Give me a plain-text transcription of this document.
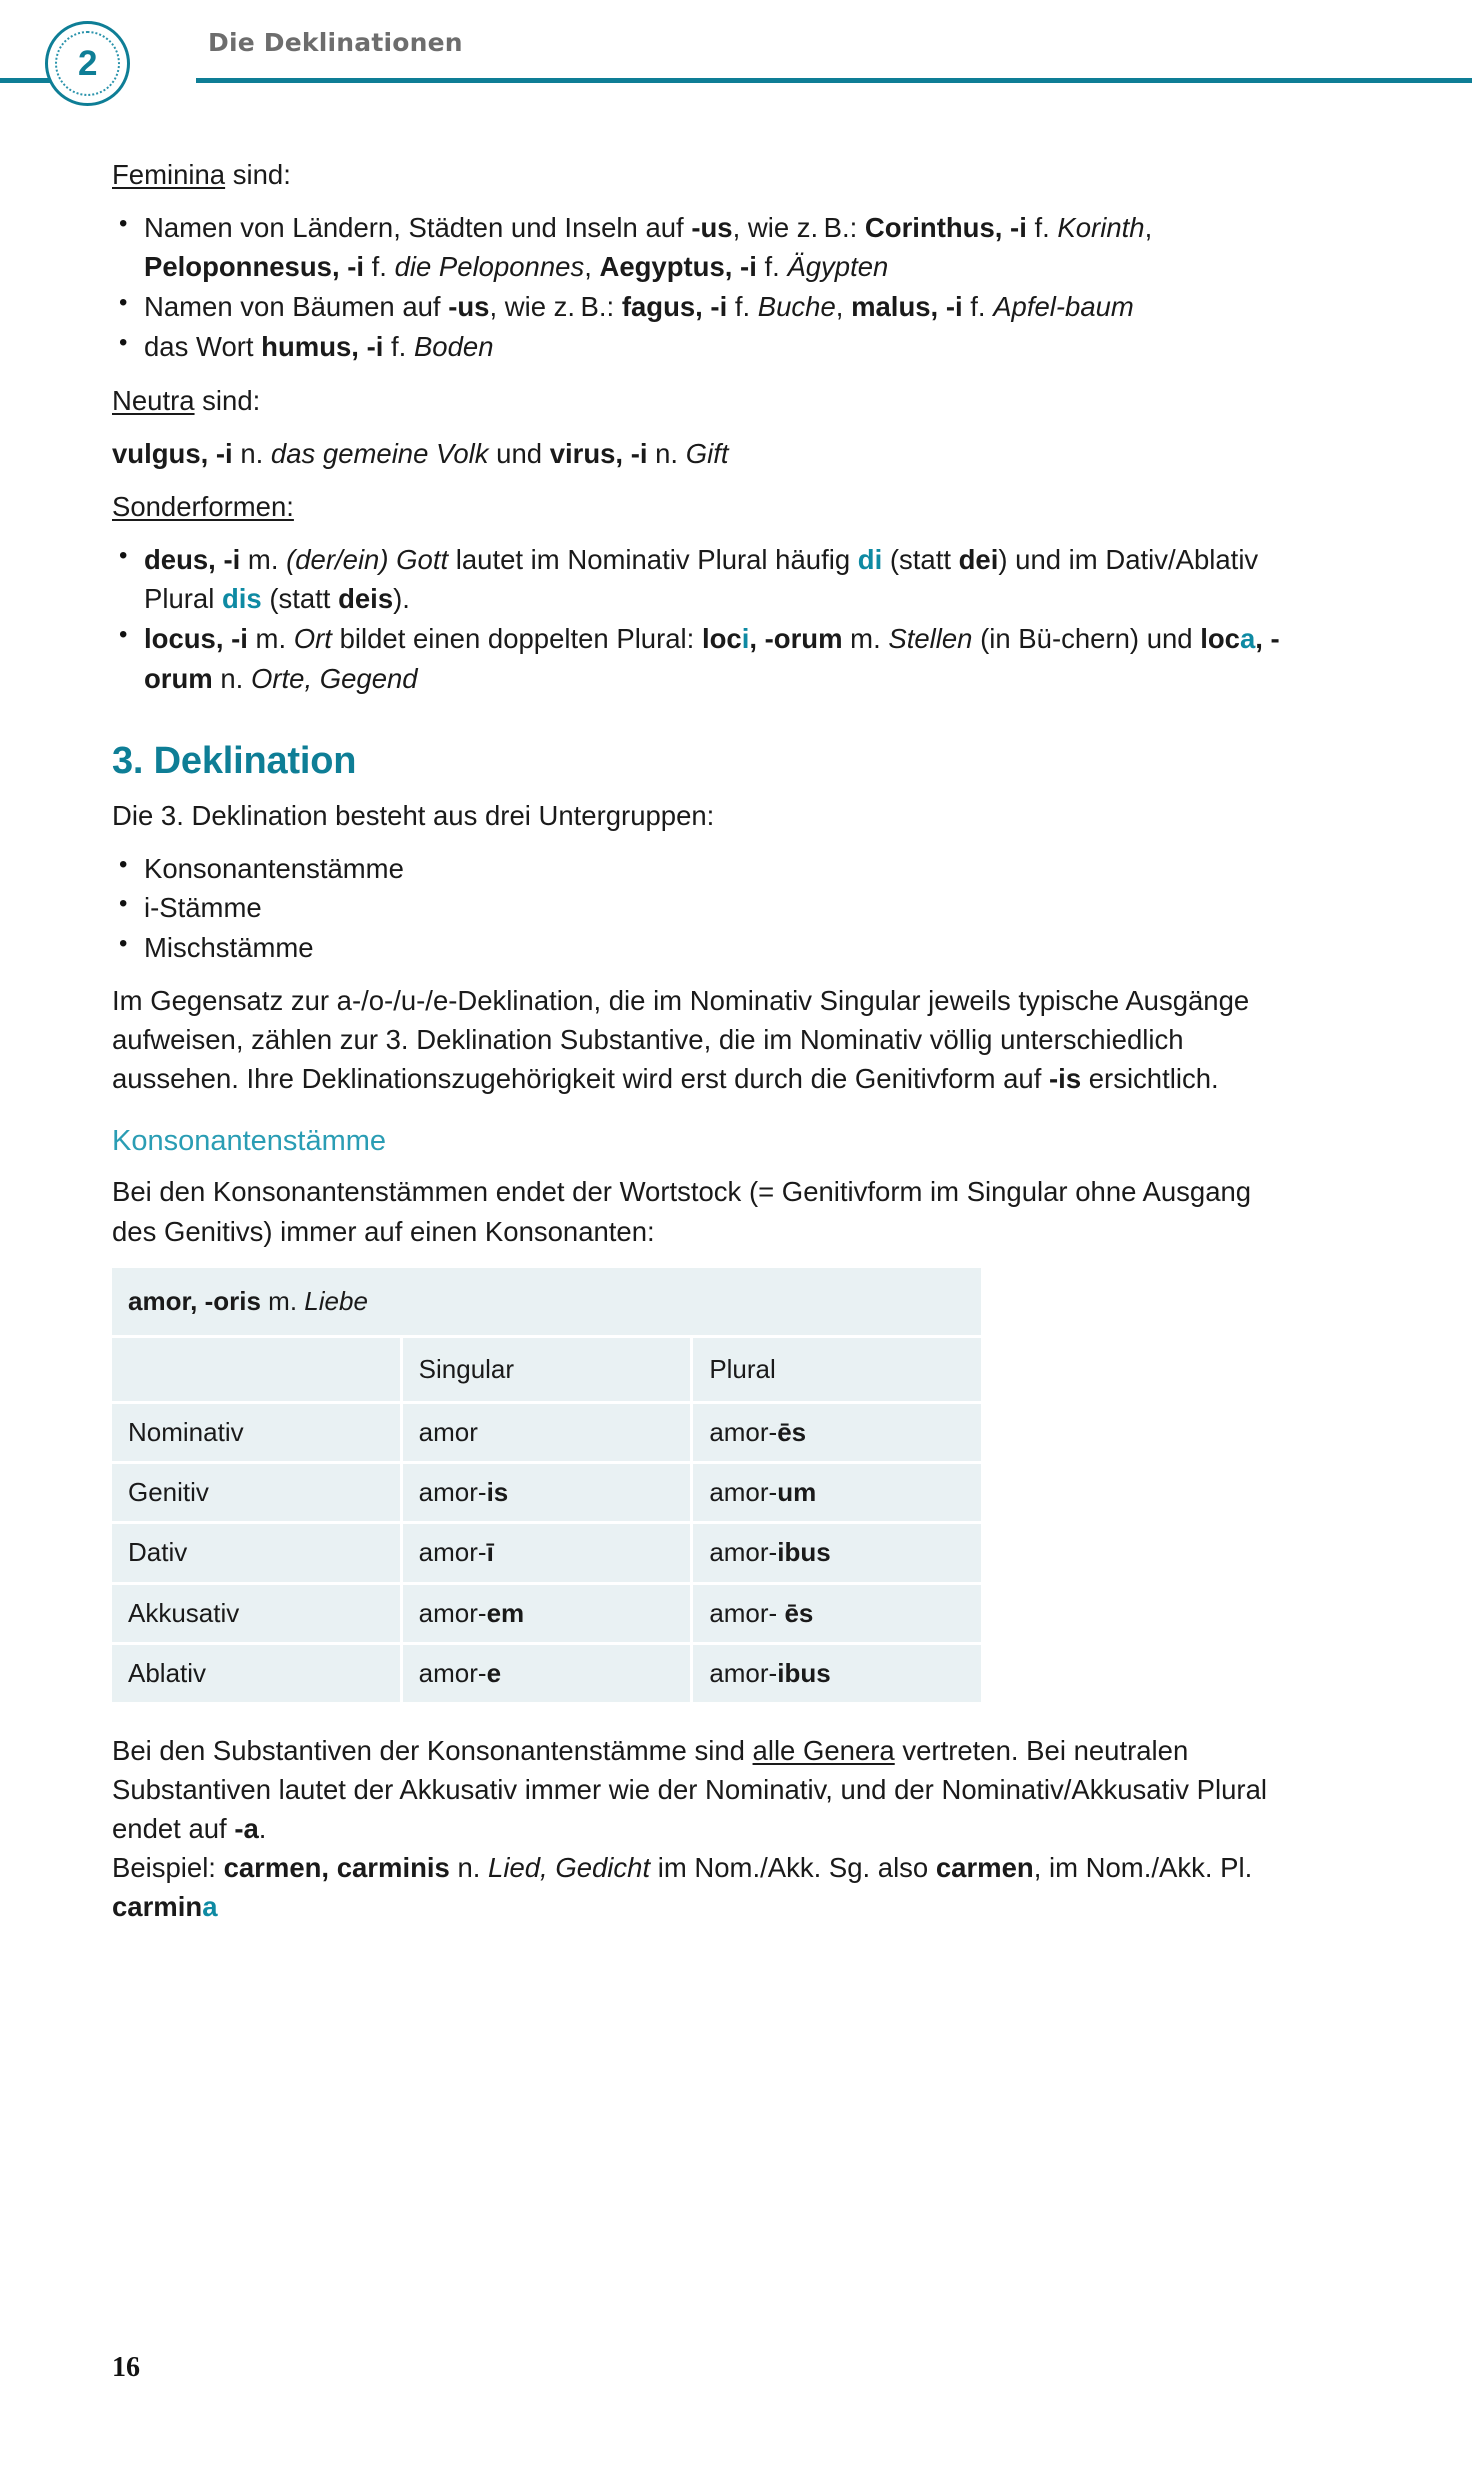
2
Die Deklinationen

Feminina sind:

• Namen von Ländern, Städten und Inseln auf -us, wie z. B.: Corinthus, -i f. Korinth, Peloponnesus, -i f. die Peloponnes, Aegyptus, -i f. Ägypten
• Namen von Bäumen auf -us, wie z. B.: fagus, -i f. Buche, malus, -i f. Apfel-baum
• das Wort humus, -i f. Boden

Neutra sind:

vulgus, -i n. das gemeine Volk und virus, -i n. Gift

Sonderformen:

• deus, -i m. (der/ein) Gott lautet im Nominativ Plural häufig di (statt dei) und im Dativ/Ablativ Plural dis (statt deis).
• locus, -i m. Ort bildet einen doppelten Plural: loci, -orum m. Stellen (in Bü-chern) und loca, -orum n. Orte, Gegend
3. Deklination

Die 3. Deklination besteht aus drei Untergruppen:

• Konsonantenstämme
• i-Stämme
• Mischstämme

Im Gegensatz zur a-/o-/u-/e-Deklination, die im Nominativ Singular jeweils typische Ausgänge aufweisen, zählen zur 3. Deklination Substantive, die im Nominativ völlig unterschiedlich aussehen. Ihre Deklinationszugehörigkeit wird erst durch die Genitivform auf -is ersichtlich.

Konsonantenstämme

Bei den Konsonantenstämmen endet der Wortstock (= Genitivform im Singular ohne Ausgang des Genitivs) immer auf einen Konsonanten:

amor, -oris m. Liebe		
	Singular	Plural
Nominativ	amor	amor-ēs
Genitiv	amor-is	amor-um
Dativ	amor-ī	amor-ibus
Akkusativ	amor-em	amor- ēs
Ablativ	amor-e	amor-ibus

Bei den Substantiven der Konsonantenstämme sind alle Genera vertreten. Bei neutralen Substantiven lautet der Akkusativ immer wie der Nominativ, und der Nominativ/Akkusativ Plural endet auf -a.

Beispiel: carmen, carminis n. Lied, Gedicht im Nom./Akk. Sg. also carmen, im Nom./Akk. Pl. carmina

16
